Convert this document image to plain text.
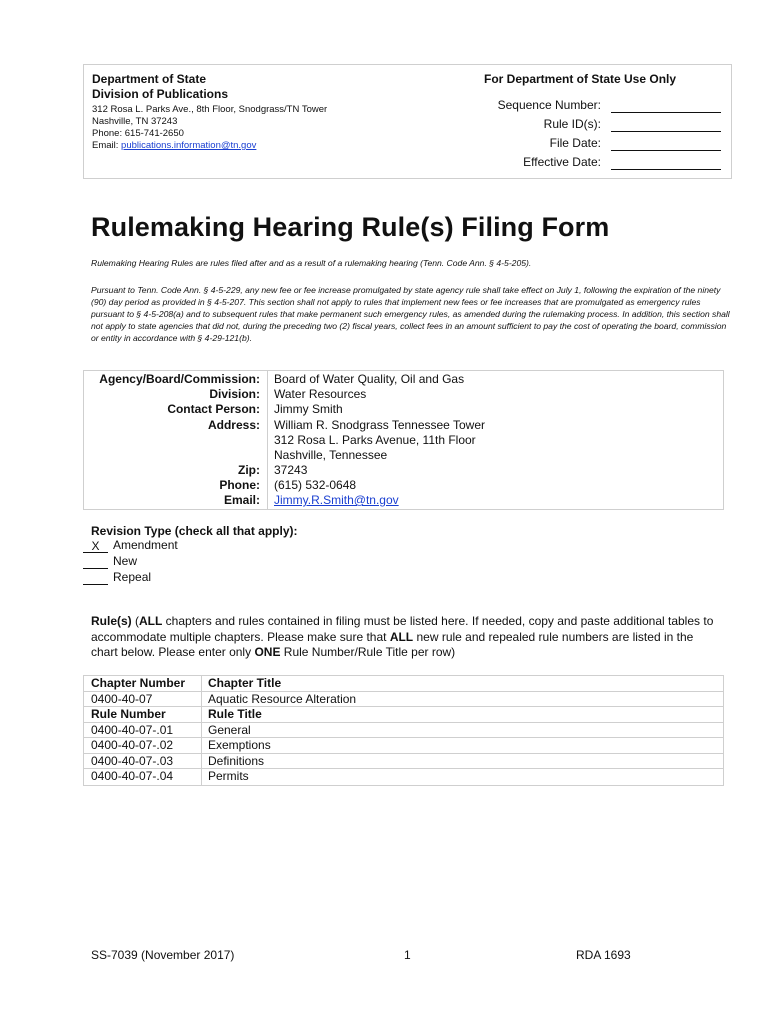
Department of State
Division of Publications
312 Rosa L. Parks Ave., 8th Floor, Snodgrass/TN Tower
Nashville, TN 37243
Phone: 615-741-2650
Email: publications.information@tn.gov
For Department of State Use Only
Sequence Number:
Rule ID(s):
File Date:
Effective Date:
Rulemaking Hearing Rule(s) Filing Form
Rulemaking Hearing Rules are rules filed after and as a result of a rulemaking hearing (Tenn. Code Ann. § 4-5-205).
Pursuant to Tenn. Code Ann. § 4-5-229, any new fee or fee increase promulgated by state agency rule shall take effect on July 1, following the expiration of the ninety (90) day period as provided in § 4-5-207. This section shall not apply to rules that implement new fees or fee increases that are promulgated as emergency rules pursuant to § 4-5-208(a) and to subsequent rules that make permanent such emergency rules, as amended during the rulemaking process. In addition, this section shall not apply to state agencies that did not, during the preceding two (2) fiscal years, collect fees in an amount sufficient to pay the cost of operating the board, commission or entity in accordance with § 4-29-121(b).
Agency/Board/Commission: Board of Water Quality, Oil and Gas
Division: Water Resources
Contact Person: Jimmy Smith
Address: William R. Snodgrass Tennessee Tower
312 Rosa L. Parks Avenue, 11th Floor
Nashville, Tennessee
Zip: 37243
Phone: (615) 532-0648
Email: Jimmy.R.Smith@tn.gov
Revision Type (check all that apply):
X Amendment
New
Repeal
Rule(s) (ALL chapters and rules contained in filing must be listed here. If needed, copy and paste additional tables to accommodate multiple chapters. Please make sure that ALL new rule and repealed rule numbers are listed in the chart below. Please enter only ONE Rule Number/Rule Title per row)
Chapter Number Chapter Title
0400-40-07	Aquatic Resource Alteration
Rule Number	Rule Title
0400-40-07-.01	General
0400-40-07-.02	Exemptions
0400-40-07-.03	Definitions
0400-40-07-.04	Permits
SS-7039 (November 2017)	1	RDA 1693
